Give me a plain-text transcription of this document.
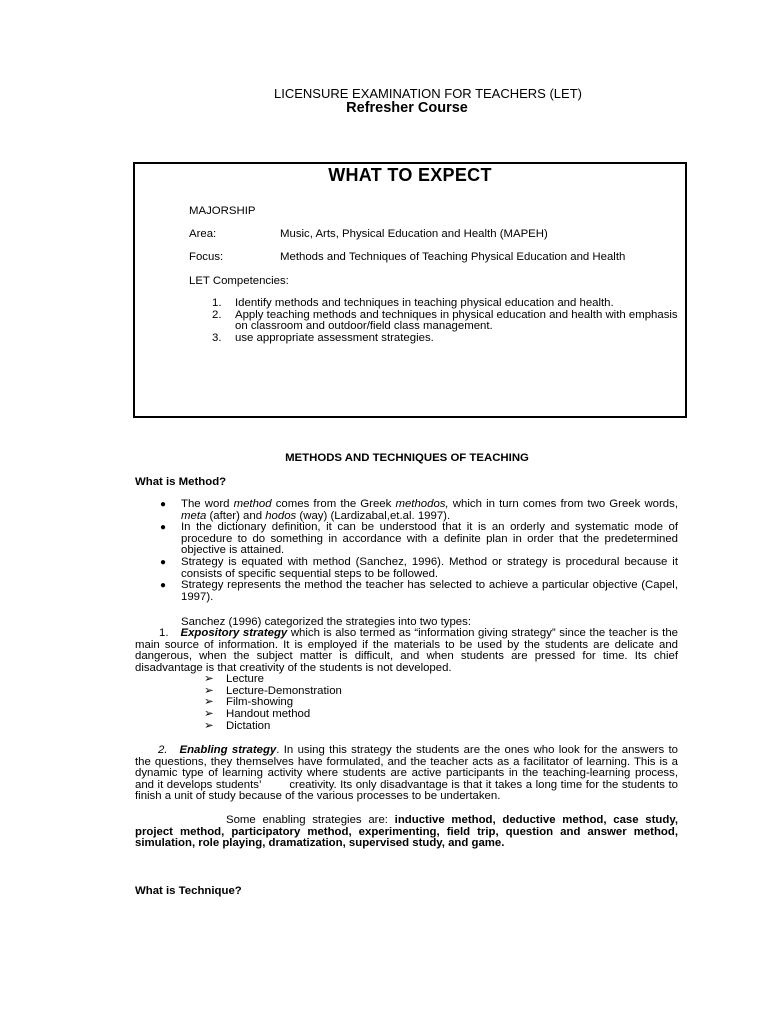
LICENSURE EXAMINATION FOR TEACHERS (LET)
Refresher Course
WHAT TO EXPECT
MAJORSHIP
Area:	Music, Arts, Physical Education and Health (MAPEH)
Focus:	Methods and Techniques of Teaching Physical Education and Health
LET Competencies:
1.	Identify methods and techniques in teaching physical education and health.
2.	Apply teaching methods and techniques in physical education and health with emphasis on classroom and outdoor/field class management.
3.	use appropriate assessment strategies.
METHODS AND TECHNIQUES OF TEACHING
What is Method?
●	The word method comes from the Greek methodos, which in turn comes from two Greek words, meta (after) and hodos (way) (Lardizabal,et.al. 1997).
●	In the dictionary definition, it can be understood that it is an orderly and systematic mode of procedure to do something in accordance with a definite plan in order that the predetermined objective is attained.
●	Strategy is equated with method (Sanchez, 1996). Method or strategy is procedural because it consists of specific sequential steps to be followed.
●	Strategy represents the method the teacher has selected to achieve a particular objective (Capel, 1997).
Sanchez (1996) categorized the strategies into two types:
1. Expository strategy which is also termed as “information giving strategy” since the teacher is the main source of information. It is employed if the materials to be used by the students are delicate and dangerous, when the subject matter is difficult, and when students are pressed for time. Its chief disadvantage is that creativity of the students is not developed.
➢	Lecture
➢	Lecture-Demonstration
➢	Film-showing
➢	Handout method
➢	Dictation
2. Enabling strategy. In using this strategy the students are the ones who look for the answers to the questions, they themselves have formulated, and the teacher acts as a facilitator of learning. This is a dynamic type of learning activity where students are active participants in the teaching-learning process, and it develops students’        creativity. Its only disadvantage is that it takes a long time for the students to finish a unit of study because of the various processes to be undertaken.
Some enabling strategies are: inductive method, deductive method, case study, project method, participatory method, experimenting, field trip, question and answer method, simulation, role playing, dramatization, supervised study, and game.
What is Technique?
